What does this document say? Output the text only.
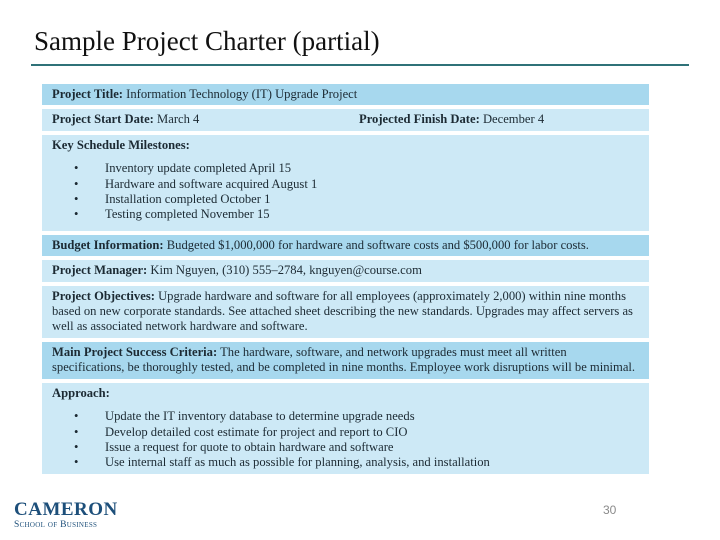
Sample Project Charter (partial)
Project Title: Information Technology (IT) Upgrade Project
Project Start Date: March 4	Projected Finish Date: December 4
Key Schedule Milestones:
• Inventory update completed April 15
• Hardware and software acquired August 1
• Installation completed October 1
• Testing completed November 15
Budget Information: Budgeted $1,000,000 for hardware and software costs and $500,000 for labor costs.
Project Manager: Kim Nguyen, (310) 555–2784, knguyen@course.com
Project Objectives: Upgrade hardware and software for all employees (approximately 2,000) within nine months based on new corporate standards. See attached sheet describing the new standards. Upgrades may affect servers as well as associated network hardware and software.
Main Project Success Criteria: The hardware, software, and network upgrades must meet all written specifications, be thoroughly tested, and be completed in nine months. Employee work disruptions will be minimal.
Approach:
• Update the IT inventory database to determine upgrade needs
• Develop detailed cost estimate for project and report to CIO
• Issue a request for quote to obtain hardware and software
• Use internal staff as much as possible for planning, analysis, and installation
CAMERON
School of Business
30
